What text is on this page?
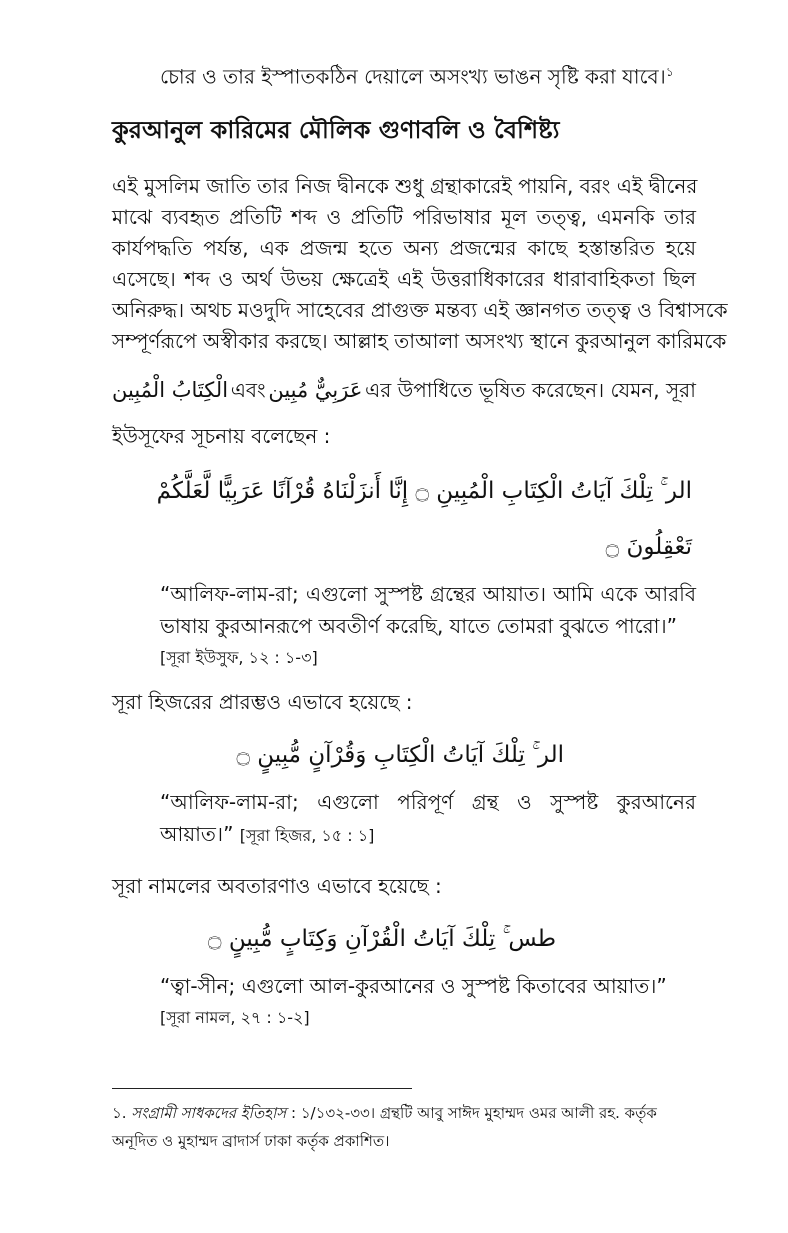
চোর ও তার ইস্পাতকঠিন দেয়ালে অসংখ্য ভাঙন সৃষ্টি করা যাবে।$^১$
কুরআনুল কারিমের মৌলিক গুণাবলি ও বৈশিষ্ট্য
এই মুসলিম জাতি তার নিজ দ্বীনকে শুধু গ্রন্থাকারেই পায়নি, বরং এই দ্বীনের
মাঝে ব্যবহৃত প্রতিটি শব্দ ও প্রতিটি পরিভাষার মূল তত্ত্ব, এমনকি তার
কার্যপদ্ধতি পর্যন্ত, এক প্রজন্ম হতে অন্য প্রজন্মের কাছে হস্তান্তরিত হয়ে
এসেছে। শব্দ ও অর্থ উভয় ক্ষেত্রেই এই উত্তরাধিকারের ধারাবাহিকতা ছিল
অনিরুদ্ধ। অথচ মওদুদি সাহেবের প্রাগুক্ত মন্তব্য এই জ্ঞানগত তত্ত্ব ও বিশ্বাসকে
সম্পূর্ণরূপে অস্বীকার করছে। আল্লাহ তাআলা অসংখ্য স্থানে কুরআনুল কারিমকে
الْكِتَابُ الْمُبِين এবং عَرَبِيٌّ مُبِين এর উপাধিতে ভূষিত করেছেন। যেমন, সূরা
ইউসূফের সূচনায় বলেছেন :
الر ۚ تِلْكَ آيَاتُ الْكِتَابِ الْمُبِينِ ۝ إِنَّا أَنزَلْنَاهُ قُرْآنًا عَرَبِيًّا لَّعَلَّكُمْ
تَعْقِلُونَ ۝
“আলিফ-লাম-রা; এগুলো সুস্পষ্ট গ্রন্থের আয়াত। আমি একে আরবি
ভাষায় কুরআনরূপে অবতীর্ণ করেছি, যাতে তোমরা বুঝতে পারো।”
[সূরা ইউসুফ, ১২ : ১-৩]
সূরা হিজরের প্রারম্ভও এভাবে হয়েছে :
الر ۚ تِلْكَ آيَاتُ الْكِتَابِ وَقُرْآنٍ مُّبِينٍ ۝
“আলিফ-লাম-রা; এগুলো পরিপূর্ণ গ্রন্থ ও সুস্পষ্ট কুরআনের
আয়াত।” [সূরা হিজর, ১৫ : ১]
সূরা নামলের অবতারণাও এভাবে হয়েছে :
طس ۚ تِلْكَ آيَاتُ الْقُرْآنِ وَكِتَابٍ مُّبِينٍ ۝
“ত্বা-সীন; এগুলো আল-কুরআনের ও সুস্পষ্ট কিতাবের আয়াত।”
[সূরা নামল, ২৭ : ১-২]
১. সংগ্রামী সাধকদের ইতিহাস : ১/১৩২-৩৩। গ্রন্থটি আবু সাঈদ মুহাম্মদ ওমর আলী রহ. কর্তৃক
অনূদিত ও মুহাম্মদ ব্রাদার্স ঢাকা কর্তৃক প্রকাশিত।
